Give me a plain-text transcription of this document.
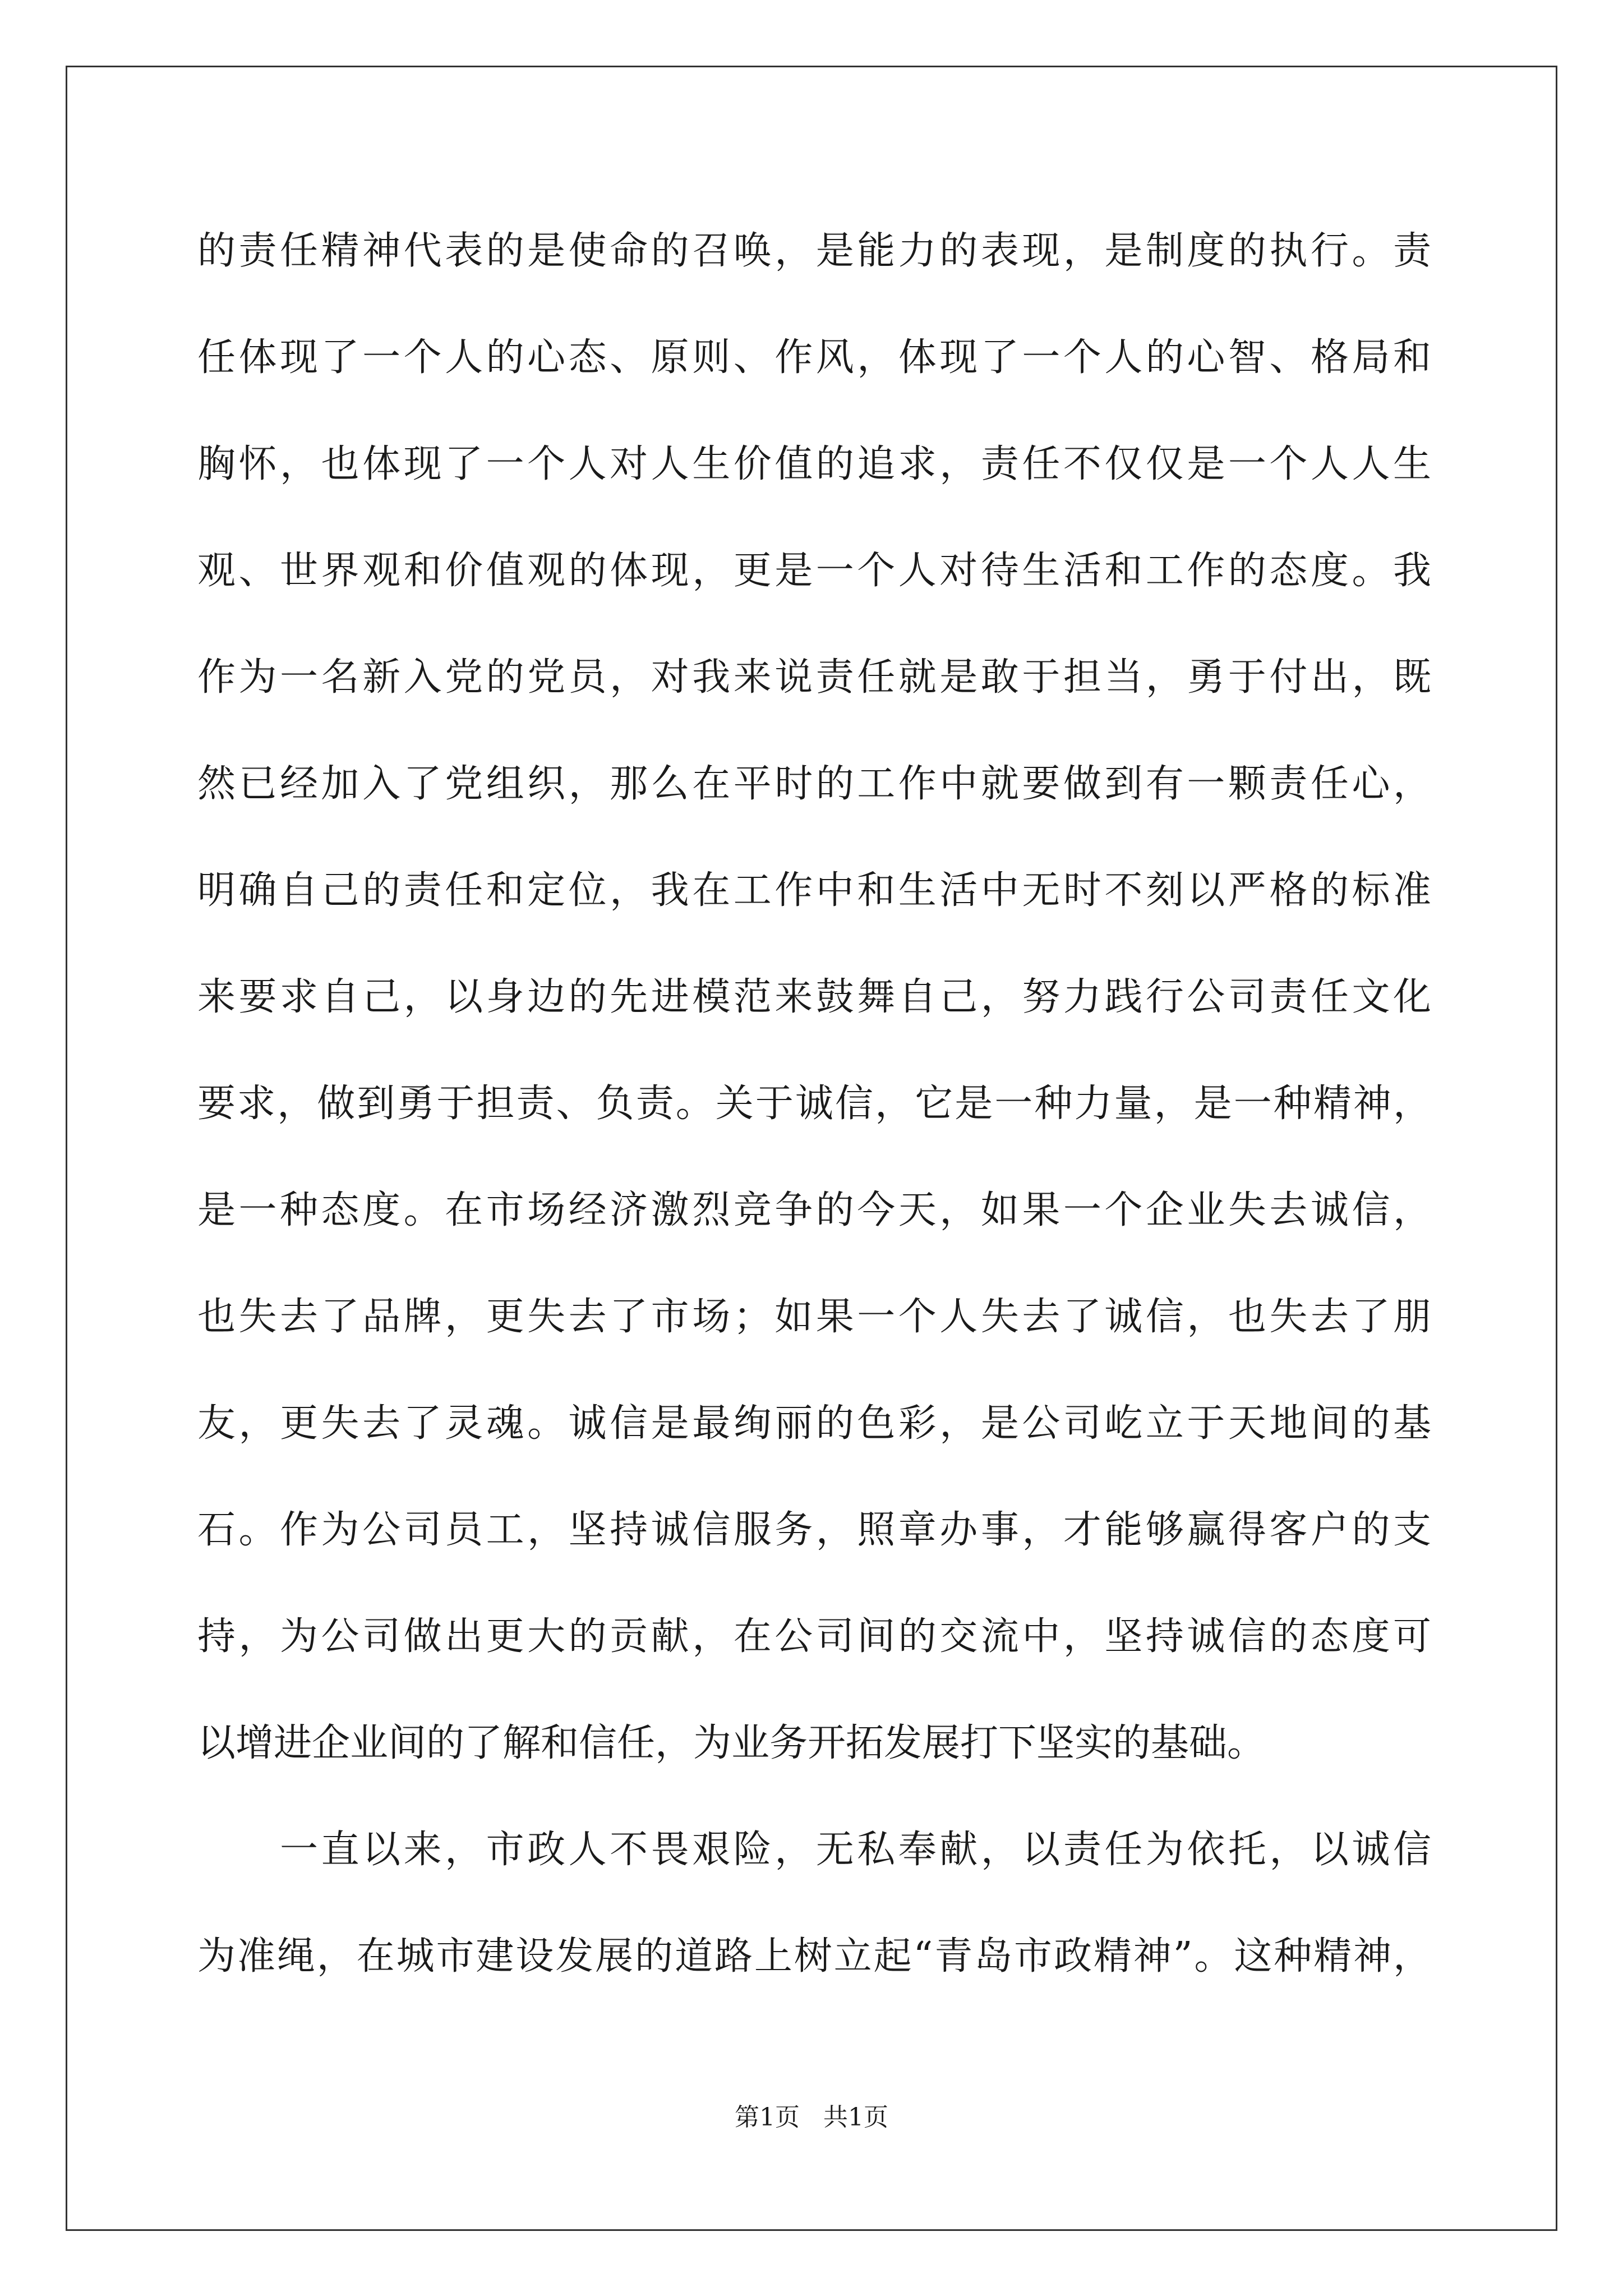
的责任精神代表的是使命的召唤，是能力的表现，是制度的执行。责
任体现了一个人的心态、原则、作风，体现了一个人的心智、格局和
胸怀，也体现了一个人对人生价值的追求，责任不仅仅是一个人人生
观、世界观和价值观的体现，更是一个人对待生活和工作的态度。我
作为一名新入党的党员，对我来说责任就是敢于担当，勇于付出，既
然已经加入了党组织，那么在平时的工作中就要做到有一颗责任心，
明确自己的责任和定位，我在工作中和生活中无时不刻以严格的标准
来要求自己，以身边的先进模范来鼓舞自己，努力践行公司责任文化
要求，做到勇于担责、负责。关于诚信，它是一种力量，是一种精神，
是一种态度。在市场经济激烈竞争的今天，如果一个企业失去诚信，
也失去了品牌，更失去了市场；如果一个人失去了诚信，也失去了朋
友，更失去了灵魂。诚信是最绚丽的色彩，是公司屹立于天地间的基
石。作为公司员工，坚持诚信服务，照章办事，才能够赢得客户的支
持，为公司做出更大的贡献，在公司间的交流中，坚持诚信的态度可
以增进企业间的了解和信任，为业务开拓发展打下坚实的基础。
　　一直以来，市政人不畏艰险，无私奉献，以责任为依托，以诚信
为准绳，在城市建设发展的道路上树立起“青岛市政精神”。这种精神，
第1页 共1页
